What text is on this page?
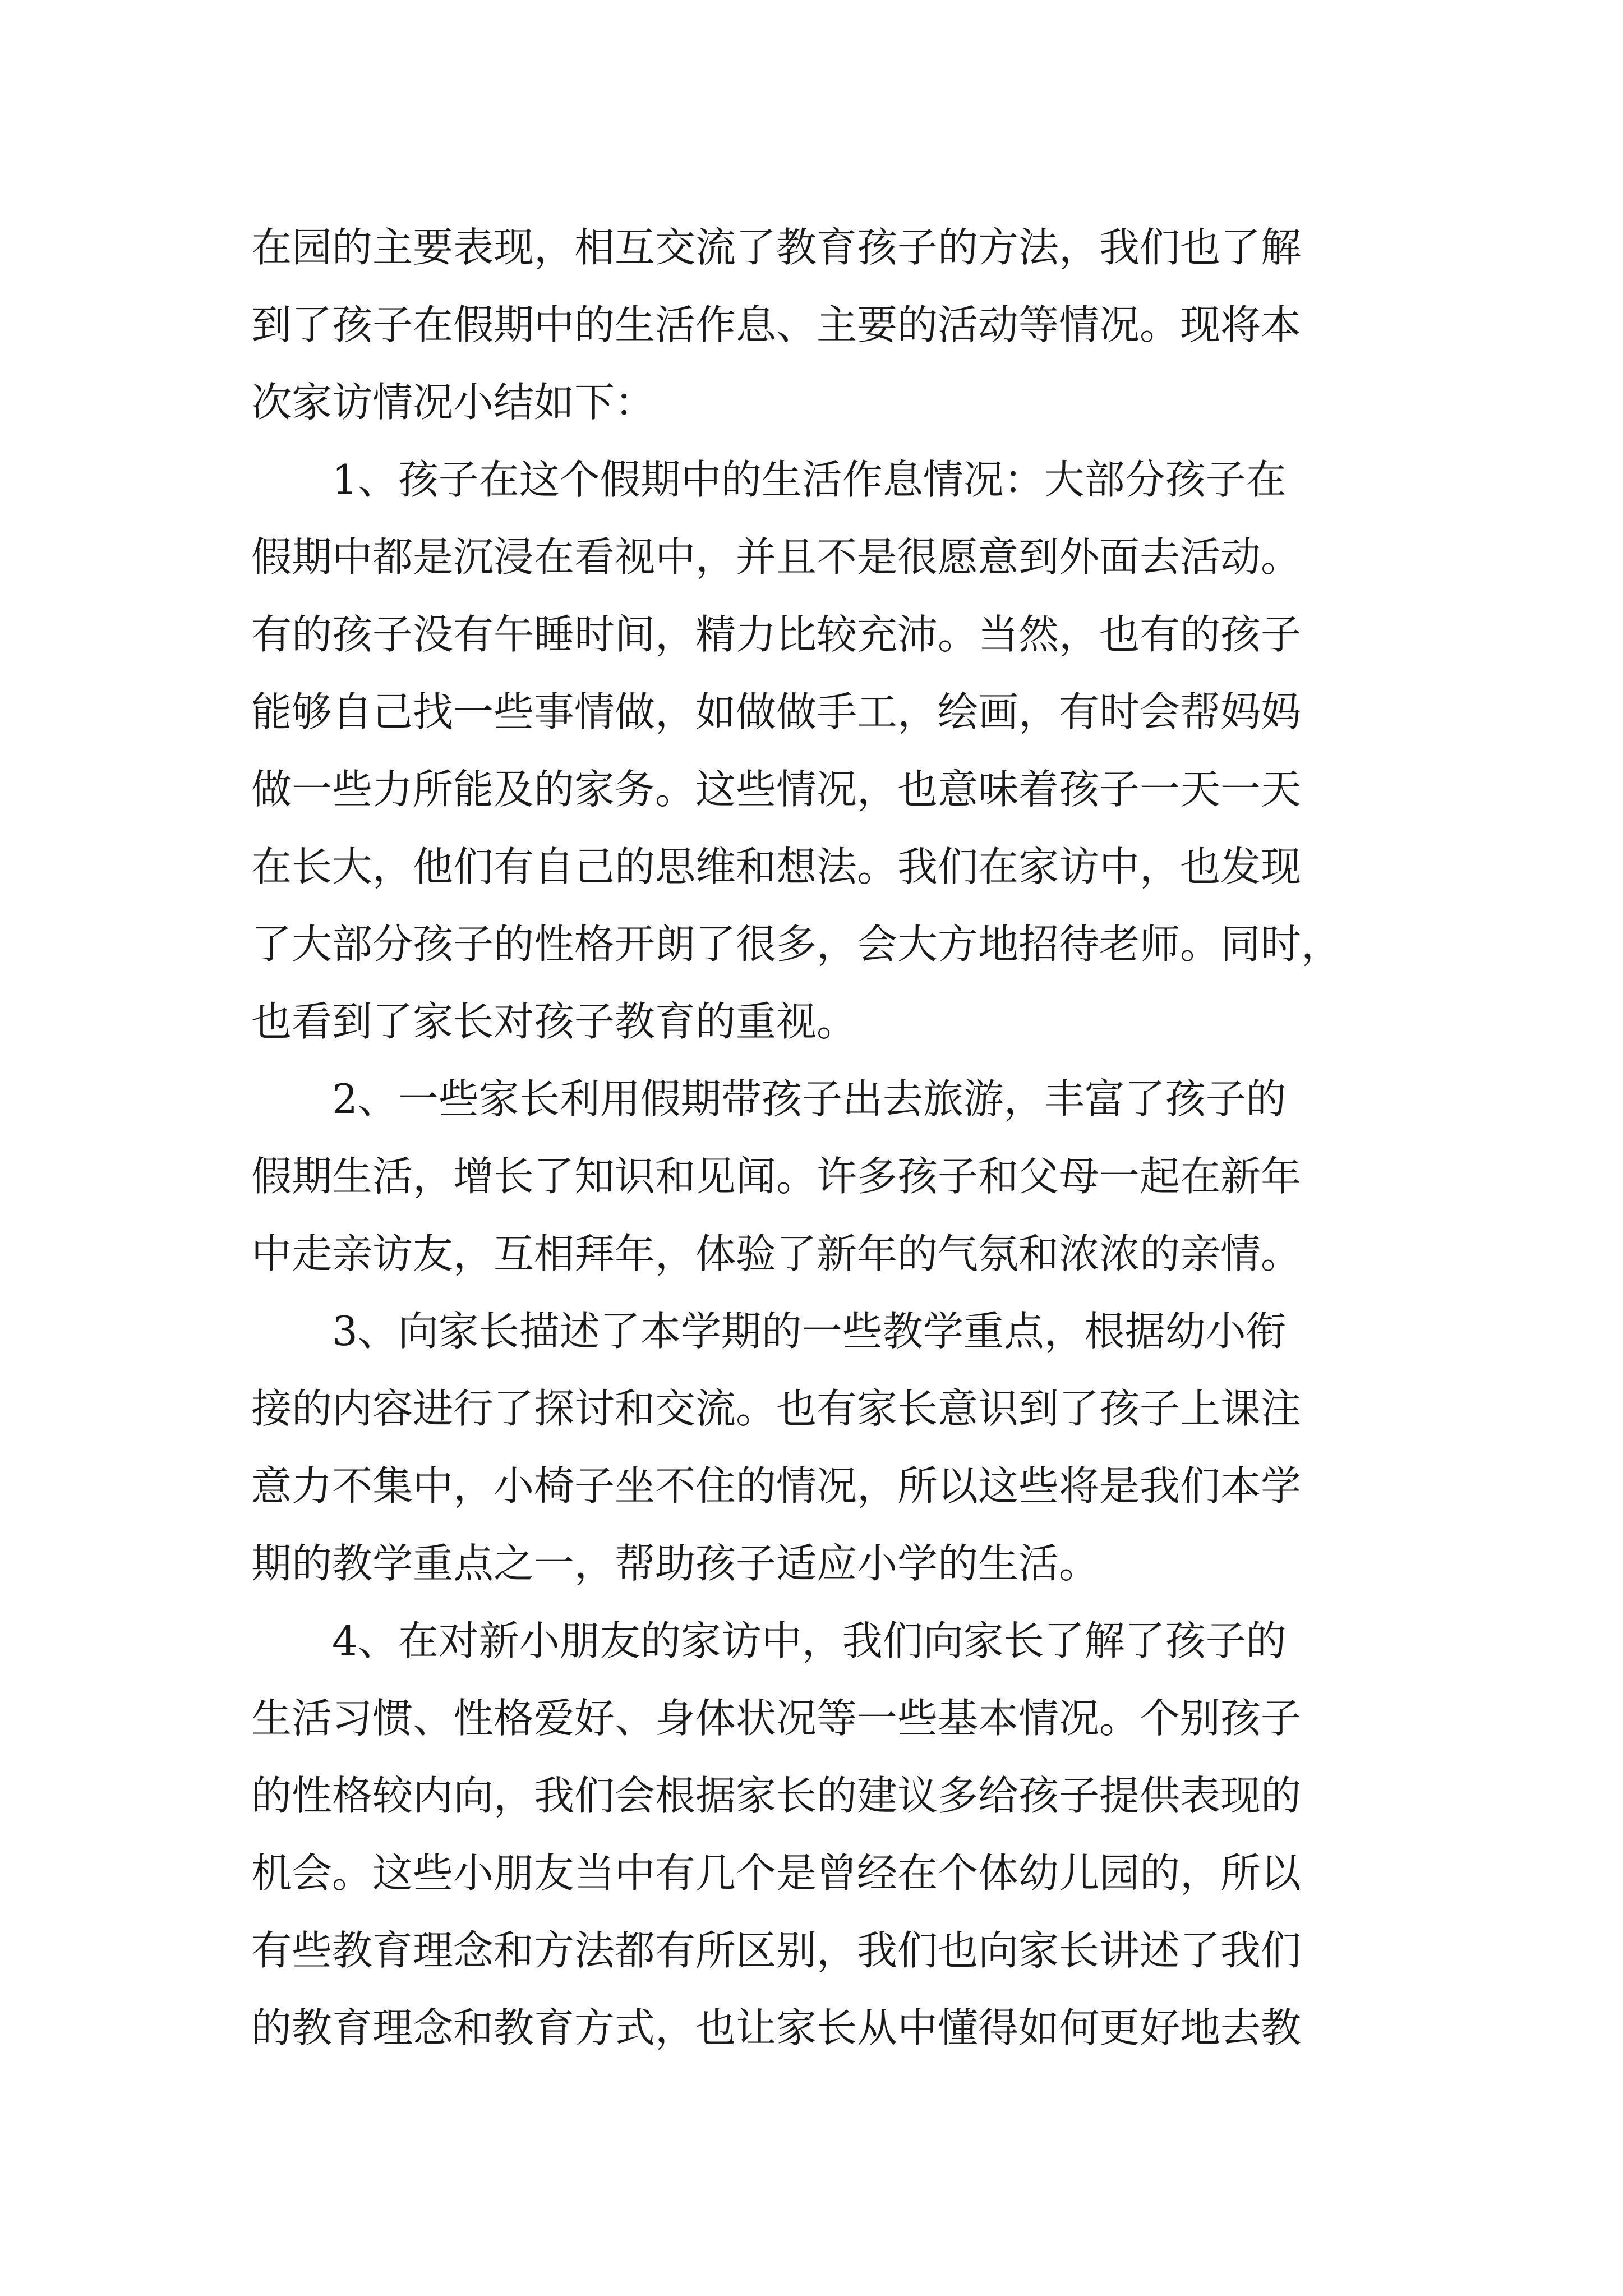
在园的主要表现，相互交流了教育孩子的方法，我们也了解
到了孩子在假期中的生活作息、主要的活动等情况。现将本
次家访情况小结如下：
1、孩子在这个假期中的生活作息情况：大部分孩子在
假期中都是沉浸在看视中，并且不是很愿意到外面去活动。
有的孩子没有午睡时间，精力比较充沛。当然，也有的孩子
能够自己找一些事情做，如做做手工，绘画，有时会帮妈妈
做一些力所能及的家务。这些情况，也意味着孩子一天一天
在长大，他们有自己的思维和想法。我们在家访中，也发现
了大部分孩子的性格开朗了很多，会大方地招待老师。同时，
也看到了家长对孩子教育的重视。
2、一些家长利用假期带孩子出去旅游，丰富了孩子的
假期生活，增长了知识和见闻。许多孩子和父母一起在新年
中走亲访友，互相拜年，体验了新年的气氛和浓浓的亲情。
3、向家长描述了本学期的一些教学重点，根据幼小衔
接的内容进行了探讨和交流。也有家长意识到了孩子上课注
意力不集中，小椅子坐不住的情况，所以这些将是我们本学
期的教学重点之一，帮助孩子适应小学的生活。
4、在对新小朋友的家访中，我们向家长了解了孩子的
生活习惯、性格爱好、身体状况等一些基本情况。个别孩子
的性格较内向，我们会根据家长的建议多给孩子提供表现的
机会。这些小朋友当中有几个是曾经在个体幼儿园的，所以
有些教育理念和方法都有所区别，我们也向家长讲述了我们
的教育理念和教育方式，也让家长从中懂得如何更好地去教
